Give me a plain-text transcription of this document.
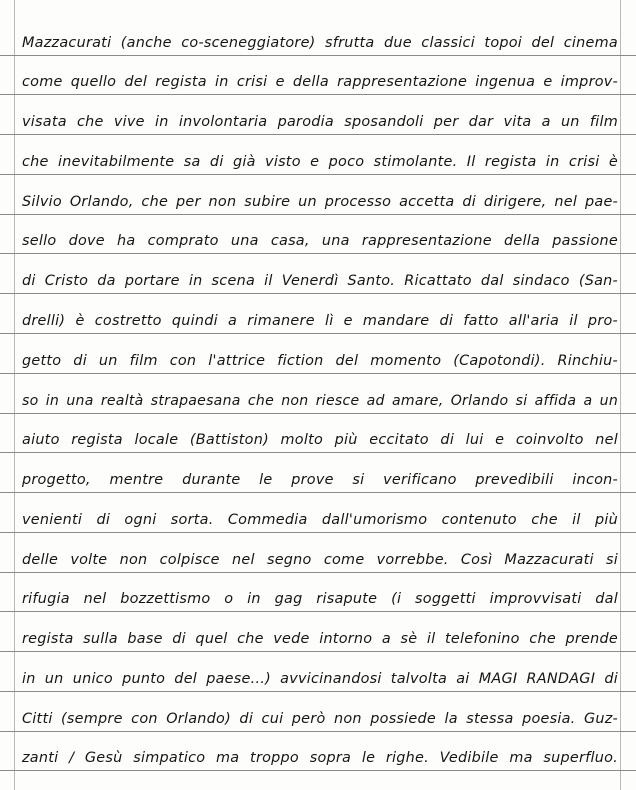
Mazzacurati (anche co-sceneggiatore) sfrutta due classici topoi del cinema
come quello del regista in crisi e della rappresentazione ingenua e improv-
visata che vive in involontaria parodia sposandoli per dar vita a un film
che inevitabilmente sa di già visto e poco stimolante. Il regista in crisi è
Silvio Orlando, che per non subire un processo accetta di dirigere, nel pae-
sello dove ha comprato una casa, una rappresentazione della passione
di Cristo da portare in scena il Venerdì Santo. Ricattato dal sindaco (San-
drelli) è costretto quindi a rimanere lì e mandare di fatto all'aria il pro-
getto di un film con l'attrice fiction del momento (Capotondi). Rinchiu-
so in una realtà strapaesana che non riesce ad amare, Orlando si affida a un
aiuto regista locale (Battiston) molto più eccitato di lui e coinvolto nel
progetto, mentre durante le prove si verificano prevedibili incon-
venienti di ogni sorta. Commedia dall'umorismo contenuto che il più
delle volte non colpisce nel segno come vorrebbe. Così Mazzacurati si
rifugia nel bozzettismo o in gag risapute (i soggetti improvvisati dal
regista sulla base di quel che vede intorno a sè il telefonino che prende
in un unico punto del paese...) avvicinandosi talvolta ai MAGI RANDAGI di
Citti (sempre con Orlando) di cui però non possiede la stessa poesia. Guz-
zanti / Gesù simpatico ma troppo sopra le righe. Vedibile ma superfluo.
